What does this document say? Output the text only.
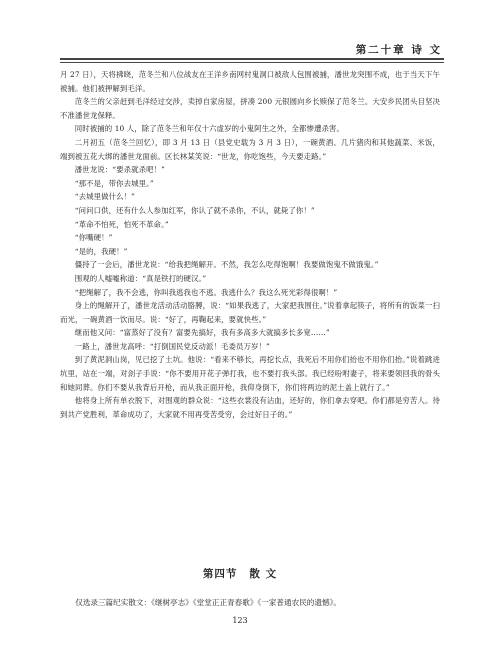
第二十章 诗 文

月 27 日），天将拂晓，范冬兰和八位战友在王洋乡南网村鬼洞口被敌人包围被捕，潘世龙突围不成，也于当天下午被捕。他们被押解到毛洋。

范冬兰的父亲赶到毛洋经过交涉，卖掉自家房屋，拼凑 200 元银圆向乡长赎保了范冬兰。大安乡民团头目坚决不准潘世龙保释。

同时被捕的 10 人，除了范冬兰和年仅十六虚岁的小鬼阿生之外，全都惨遭杀害。

二月初五（范冬兰回忆），即 3 月 13 日（县党史载为 3 月 3 日），一碗黄酒、几片猪肉和其他蔬菜、米饭，端到被五花大绑的潘世龙面前。区长林某笑说：“世龙，你吃饱些，今天要走路。”

潘世龙说：“要杀就杀吧！”

“那不是，带你去城里。”

“去城里做什么！”

“问问口供，还有什么人参加红军，你认了就不杀你，不认，就毙了你！”

“革命不怕死，怕死不革命。”

“你嘴硬！”

“是的，我硬！”

僵持了一会后，潘世龙说：“给我把绳解开。不然，我怎么吃得饱啊！我要做饱鬼不做饿鬼。”

围观的人嘘嘘称道：“真是铁打的硬汉。”

“把绳解了，我不会逃，你叫我逃我也不逃。我逃什么？我这么死光彩得很啊！”

身上的绳解开了，潘世龙活动活动胳膊，说：“如果我逃了，大家把我围住。”说着拿起筷子，将所有的饭菜一扫而光，一碗黄酒一饮而尽。说：“好了，再鞠起来，要就快些。”

继而他又问：“富蒸好了没有？富要先搞好，我有多高多大就搞多长多宽……”

一路上，潘世龙高呼：“打倒国民党反动派！毛委员万岁！”

到了黄泥洞山岗，见已挖了土坑。他说：“看来不够长，再挖长点，我死后不用你们抬也不用你们抬。”说着跳进坑里，站在一端，对刽子手说：“你不要用开花子弹打我，也不要打我头部。我已经吩咐妻子，将来要领回我的骨头和她同葬。你们不要从我背后开枪，而从我正面开枪，我仰身倒下，你们将两边的泥土盖上就行了。”

他将身上所有单衣脱下，对围观的群众说：“这些衣裳没有沾血，还好的，你们拿去穿吧。你们都是穷苦人。待到共产党胜利，革命成功了，大家就不用再受苦受穷，会过好日子的。”

第四节 散 文
仅选录三篇纪实散文：《继树亭志》《堂堂正正青春歌》《一家普通农民的遗憾》。
123
